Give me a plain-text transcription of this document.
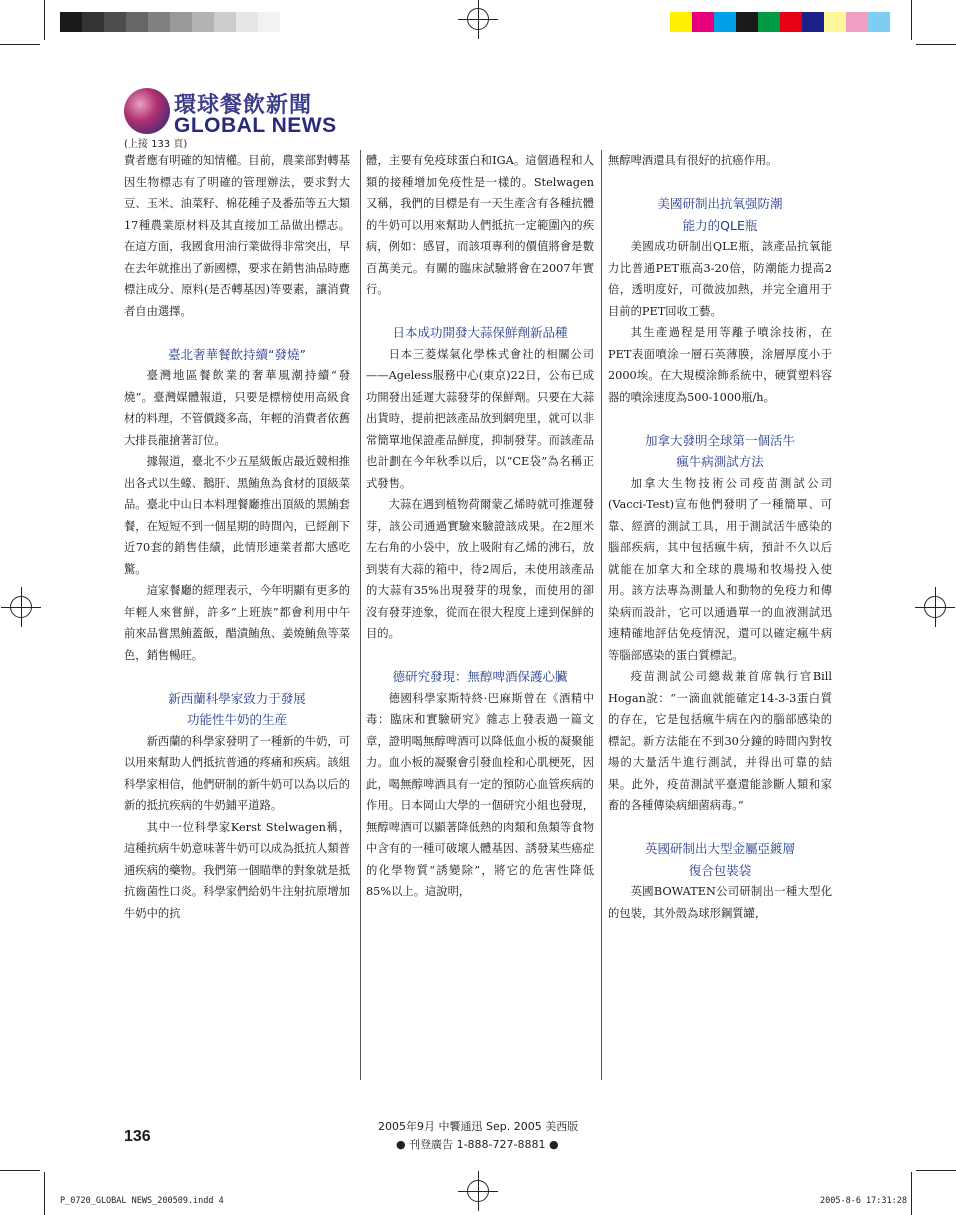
環球餐飲新聞
GLOBAL NEWS
(上接 133 頁)

費者應有明確的知情權。目前，農業部對轉基因生物標志有了明確的管理辦法，要求對大豆、玉米、油菜籽、棉花種子及番茄等五大類17種農業原材料及其直接加工品做出標志。在這方面，我國食用油行業做得非常突出，早在去年就推出了新國標，要求在銷售油品時應標注成分、原料(是否轉基因)等要素，讓消費者自由選擇。

臺北奢華餐飲持續“發燒”

臺灣地區餐飲業的奢華風潮持續“發燒”。臺灣媒體報道，只要是標榜使用高級食材的料理，不管價錢多高，年輕的消費者依舊大排長龍搶著訂位。

據報道，臺北不少五星級飯店最近競相推出各式以生蠔、鵝肝、黑鮪魚為食材的頂級菜品。臺北中山日本料理餐廳推出頂級的黑鮪套餐，在短短不到一個星期的時間內，已經創下近70套的銷售佳績，此情形連業者都大感吃驚。

這家餐廳的經理表示，今年明顯有更多的年輕人來嘗鮮，許多“上班族”都會利用中午前來品嘗黑鮪蓋飯，醋漬鮪魚、姜燒鮪魚等菜色，銷售暢旺。

新西蘭科學家致力于發展
功能性牛奶的生産

新西蘭的科學家發明了一種新的牛奶，可以用來幫助人們抵抗普通的疼痛和疾病。該組科學家相信，他們研制的新牛奶可以為以后的新的抵抗疾病的牛奶鋪平道路。

其中一位科學家Kerst Stelwagen稱，這種抗病牛奶意味著牛奶可以成為抵抗人類普通疾病的藥物。我們第一個瞄準的對象就是抵抗齒菌性口炎。科學家們給奶牛注射抗原增加牛奶中的抗

體，主要有免疫球蛋白和IGA。這個過程和人類的接種增加免疫性是一樣的。Stelwagen又稱，我們的目標是有一天生產含有各種抗體的牛奶可以用來幫助人們抵抗一定範圍內的疾病，例如：感冒，而該項專利的價值將會是數百萬美元。有關的臨床試驗將會在2007年實行。

日本成功開發大蒜保鮮劑新品種

日本三菱煤氣化學株式會社的相關公司——Ageless服務中心(東京)22日，公布已成功開發出延遲大蒜發芽的保鮮劑。只要在大蒜出貨時，提前把該產品放到網兜里，就可以非常簡單地保證產品鮮度，抑制發芽。而該產品也計劃在今年秋季以后，以“CE袋”為名稱正式發售。

大蒜在遇到植物荷爾蒙乙烯時就可推遲發芽，該公司通過實驗來驗證該成果。在2厘米左右角的小袋中，放上吸附有乙烯的沸石，放到裝有大蒜的箱中，待2周后，未使用該產品的大蒜有35%出現發芽的現象，而使用的卻沒有發芽迹象，從而在很大程度上達到保鮮的目的。

德研究發現：無醇啤酒保護心臟

德國科學家斯特終·巴麻斯曾在《酒精中毒：臨床和實驗研究》雜志上發表過一篇文章，證明喝無醇啤酒可以降低血小板的凝聚能力。血小板的凝聚會引發血栓和心肌梗死，因此，喝無醇啤酒具有一定的預防心血管疾病的作用。日本岡山大學的一個研究小組也發現，無醇啤酒可以顯著降低熱的肉類和魚類等食物中含有的一種可破壞人體基因、誘發某些癌症的化學物質“誘變除”，將它的危害性降低85%以上。這說明，

無醇啤酒還具有很好的抗癌作用。

美國研制出抗氧强防潮
能力的QLE瓶

美國成功研制出QLE瓶，該產品抗氧能力比普通PET瓶高3-20倍，防潮能力提高2倍，透明度好，可微波加熱，并完全適用于目前的PET回收工藝。

其生產過程是用等離子噴涂技術，在PET表面噴涂一層石英薄膜，涂層厚度小于2000埃。在大規模涂飾系統中，硬質塑料容器的噴涂速度為500-1000瓶/h。

加拿大發明全球第一個活牛
瘋牛病測試方法

加拿大生物技術公司疫苗測試公司(Vacci-Test)宣布他們發明了一種簡單、可靠、經濟的測試工具，用于測試活牛感染的腦部疾病，其中包括瘋牛病，預計不久以后就能在加拿大和全球的農場和牧場投入使用。該方法專為測量人和動物的免疫力和傳染病而設計，它可以通過單一的血液測試迅速精確地評估免疫情況，還可以確定瘋牛病等腦部感染的蛋白質標記。

疫苗測試公司總裁兼首席執行官Bill Hogan說：“一滴血就能確定14-3-3蛋白質的存在，它是包括瘋牛病在內的腦部感染的標記。新方法能在不到30分鐘的時間內對牧場的大量活牛進行測試，并得出可靠的結果。此外，疫苗測試平臺還能診斷人類和家畜的各種傳染病細菌病毒。”

英國研制出大型金屬亞鍍層
復合包裝袋

英國BOWATEN公司研制出一種大型化的包裝，其外殼為球形鋼質罐，

136
2005年9月 中饗通迅 Sep. 2005 美西版
● 刊登廣告 1-888-727-8881 ●
P_0720_GLOBAL NEWS_200509.indd 4	2005-8-6 17:31:28
